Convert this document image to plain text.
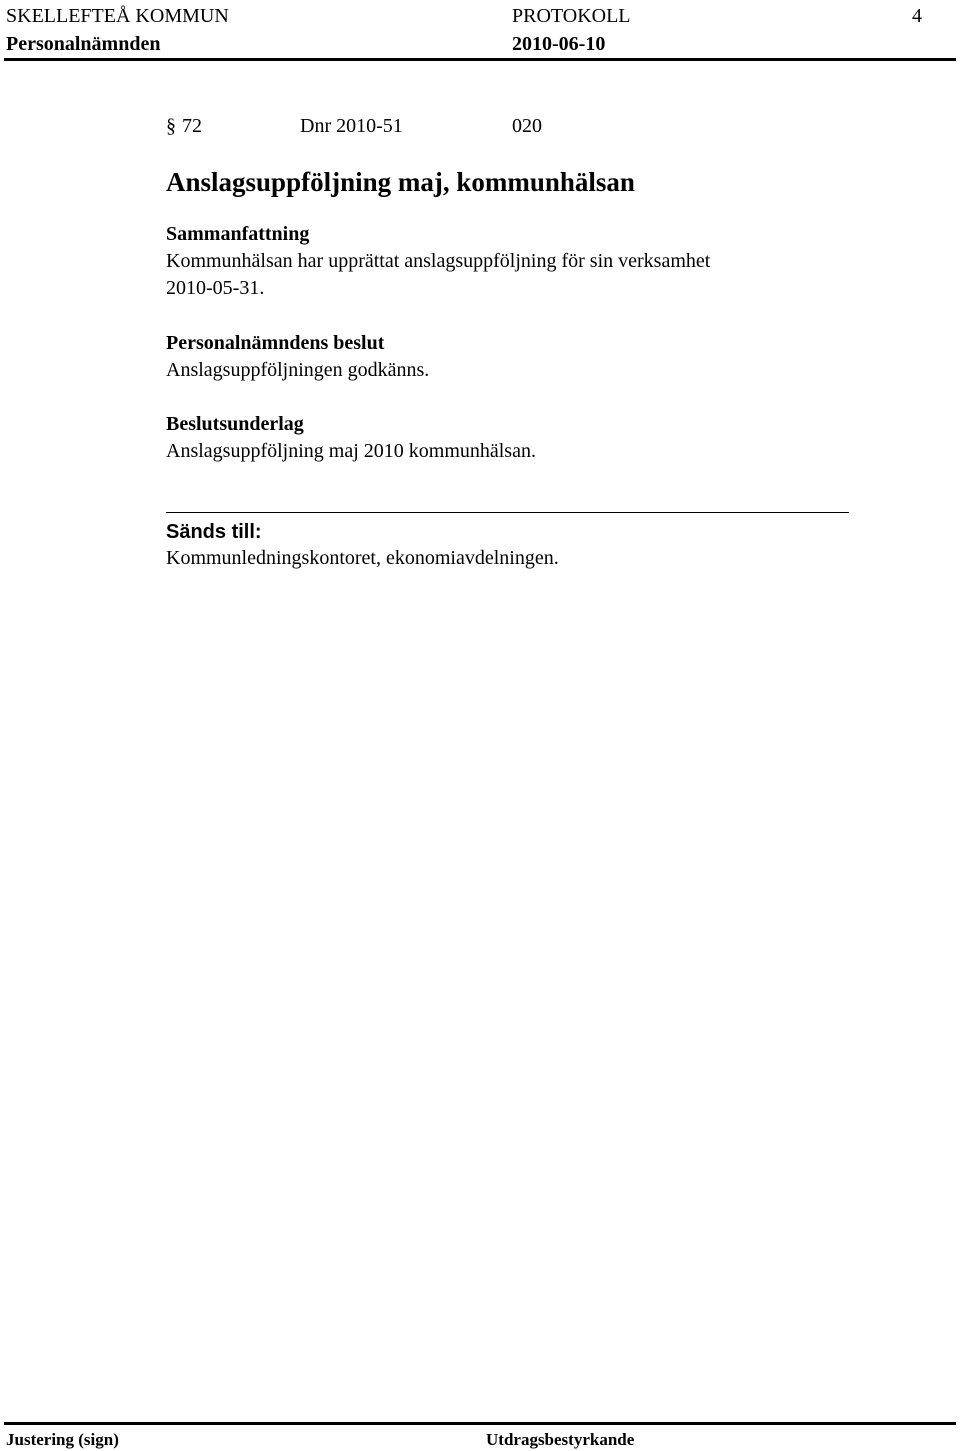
SKELLEFTEÅ KOMMUN
Personalnämnden
PROTOKOLL
2010-06-10
4
§ 72	Dnr 2010-51	020
Anslagsuppföljning maj, kommunhälsan
Sammanfattning
Kommunhälsan har upprättat anslagsuppföljning för sin verksamhet
2010-05-31.
Personalnämndens beslut
Anslagsuppföljningen godkänns.
Beslutsunderlag
Anslagsuppföljning maj 2010 kommunhälsan.
Sänds till:
Kommunledningskontoret, ekonomiavdelningen.
Justering (sign)	Utdragsbestyrkande
